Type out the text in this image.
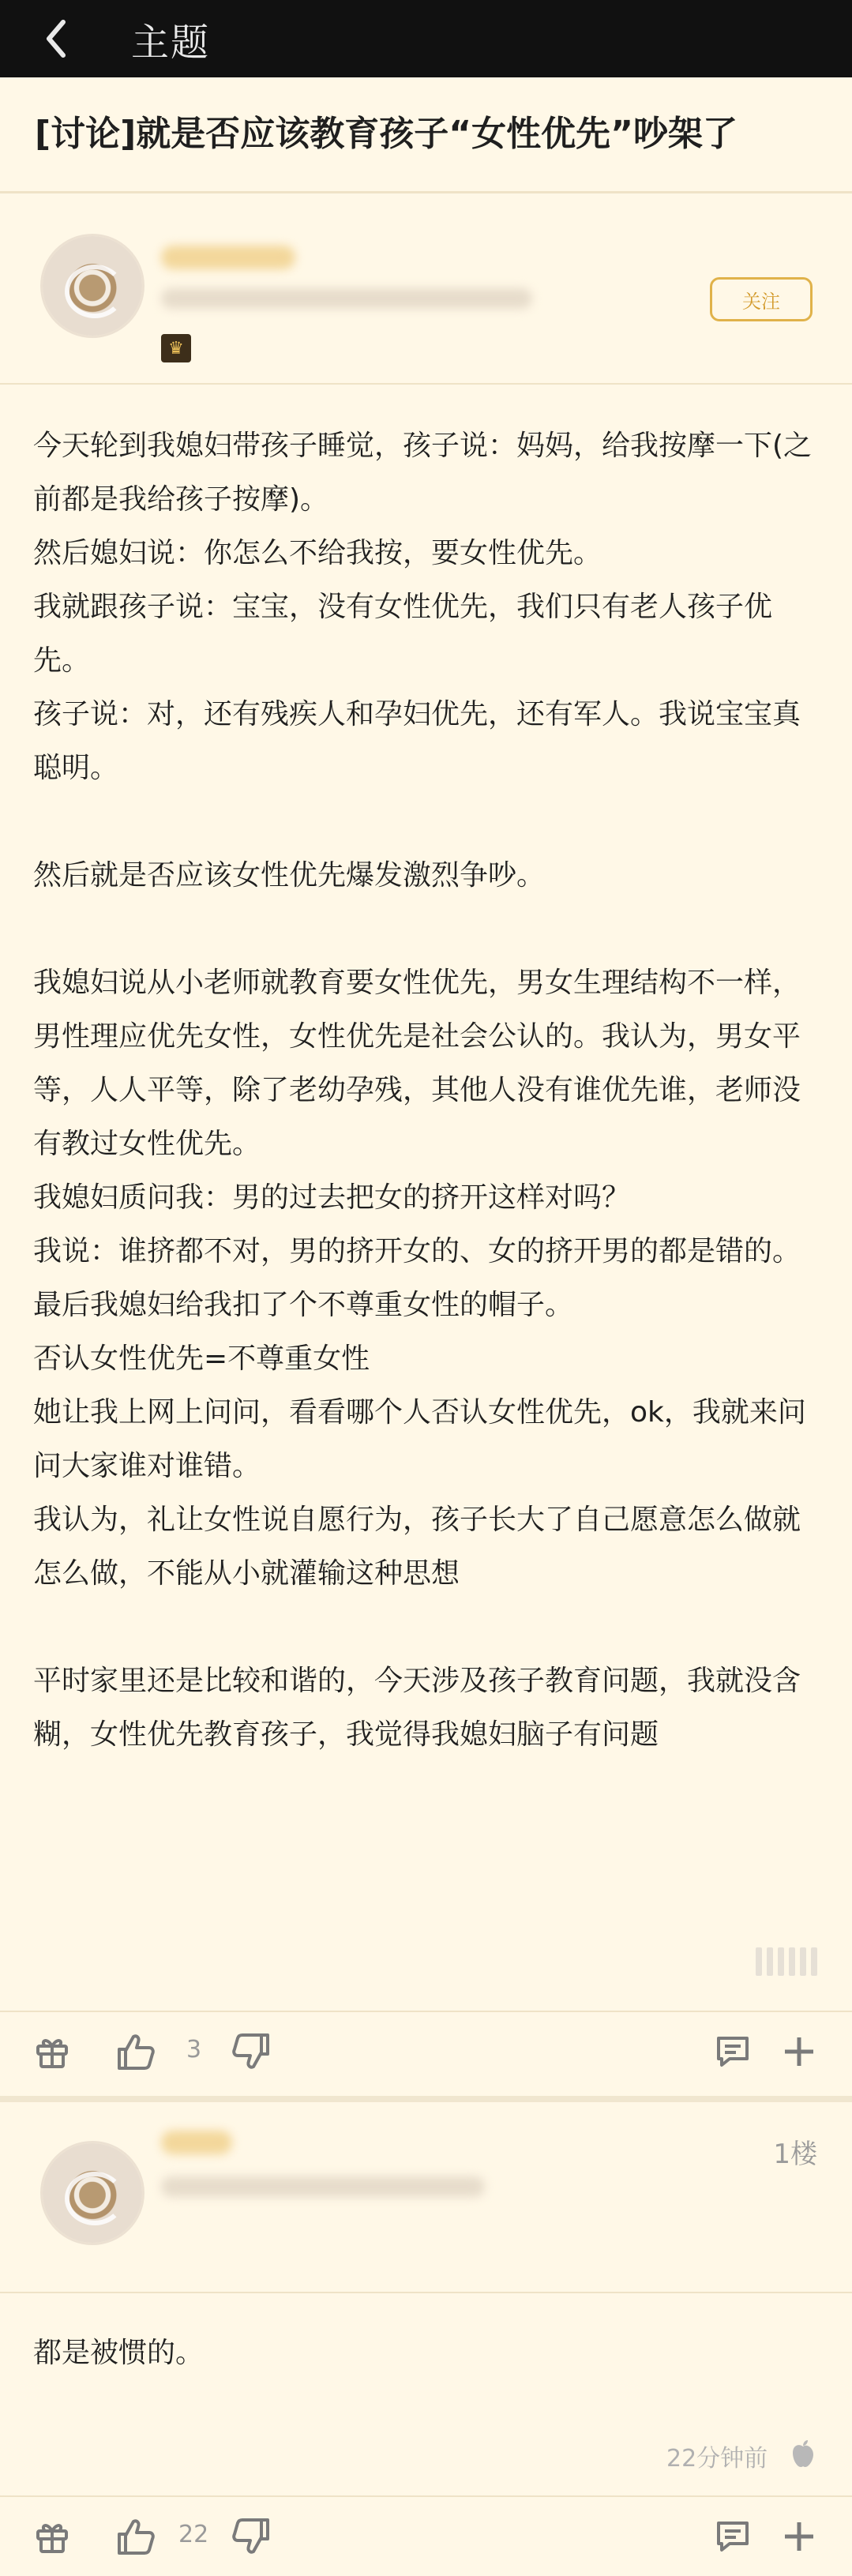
主题
[讨论]就是否应该教育孩子“女性优先”吵架了
♛
关注

今天轮到我媳妇带孩子睡觉，孩子说：妈妈，给我按摩一下(之前都是我给孩子按摩)。

然后媳妇说：你怎么不给我按，要女性优先。

我就跟孩子说：宝宝，没有女性优先，我们只有老人孩子优先。

孩子说：对，还有残疾人和孕妇优先，还有军人。我说宝宝真聪明。

然后就是否应该女性优先爆发激烈争吵。

我媳妇说从小老师就教育要女性优先，男女生理结构不一样，男性理应优先女性，女性优先是社会公认的。我认为，男女平等，人人平等，除了老幼孕残，其他人没有谁优先谁，老师没有教过女性优先。

我媳妇质问我：男的过去把女的挤开这样对吗？

我说：谁挤都不对，男的挤开女的、女的挤开男的都是错的。

最后我媳妇给我扣了个不尊重女性的帽子。

否认女性优先=不尊重女性

她让我上网上问问，看看哪个人否认女性优先，ok，我就来问问大家谁对谁错。

我认为，礼让女性说自愿行为，孩子长大了自己愿意怎么做就怎么做，不能从小就灌输这种思想

平时家里还是比较和谐的，今天涉及孩子教育问题，我就没含糊，女性优先教育孩子，我觉得我媳妇脑子有问题

3
1楼
都是被惯的。
22分钟前
22
